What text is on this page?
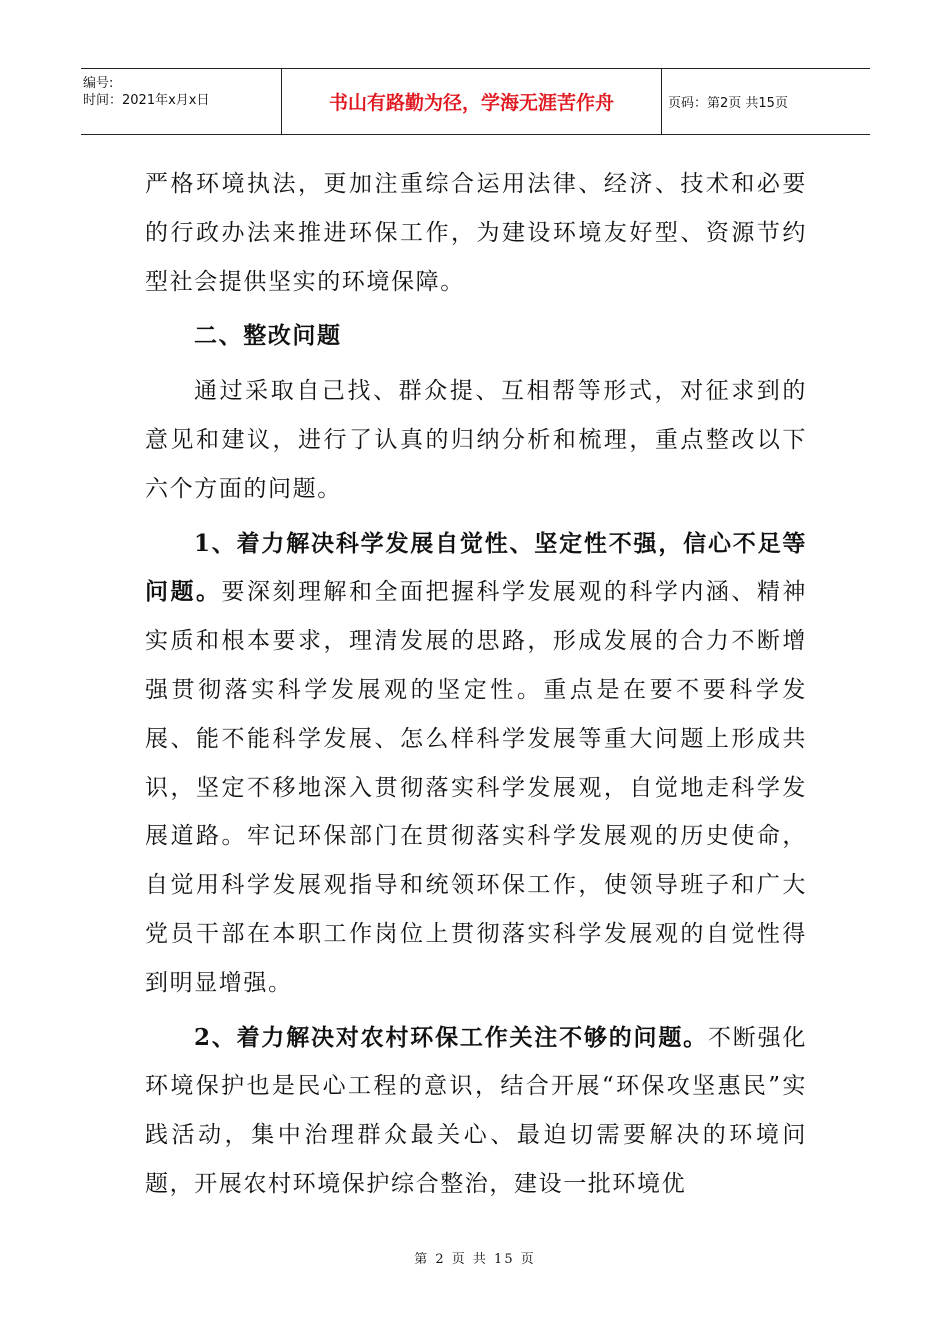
编号:
时间：2021年x月x日	书山有路勤为径，学海无涯苦作舟	页码：第2页 共15页

严格环境执法，更加注重综合运用法律、经济、技术和必要的行政办法来推进环保工作，为建设环境友好型、资源节约型社会提供坚实的环境保障。

二、整改问题

通过采取自己找、群众提、互相帮等形式，对征求到的意见和建议，进行了认真的归纳分析和梳理，重点整改以下六个方面的问题。

1、着力解决科学发展自觉性、坚定性不强，信心不足等问题。要深刻理解和全面把握科学发展观的科学内涵、精神实质和根本要求，理清发展的思路，形成发展的合力不断增强贯彻落实科学发展观的坚定性。重点是在要不要科学发展、能不能科学发展、怎么样科学发展等重大问题上形成共识，坚定不移地深入贯彻落实科学发展观，自觉地走科学发展道路。牢记环保部门在贯彻落实科学发展观的历史使命，自觉用科学发展观指导和统领环保工作，使领导班子和广大党员干部在本职工作岗位上贯彻落实科学发展观的自觉性得到明显增强。

2、着力解决对农村环保工作关注不够的问题。不断强化环境保护也是民心工程的意识，结合开展“环保攻坚惠民”实践活动，集中治理群众最关心、最迫切需要解决的环境问题，开展农村环境保护综合整治，建设一批环境优

第 2 页 共 15 页
